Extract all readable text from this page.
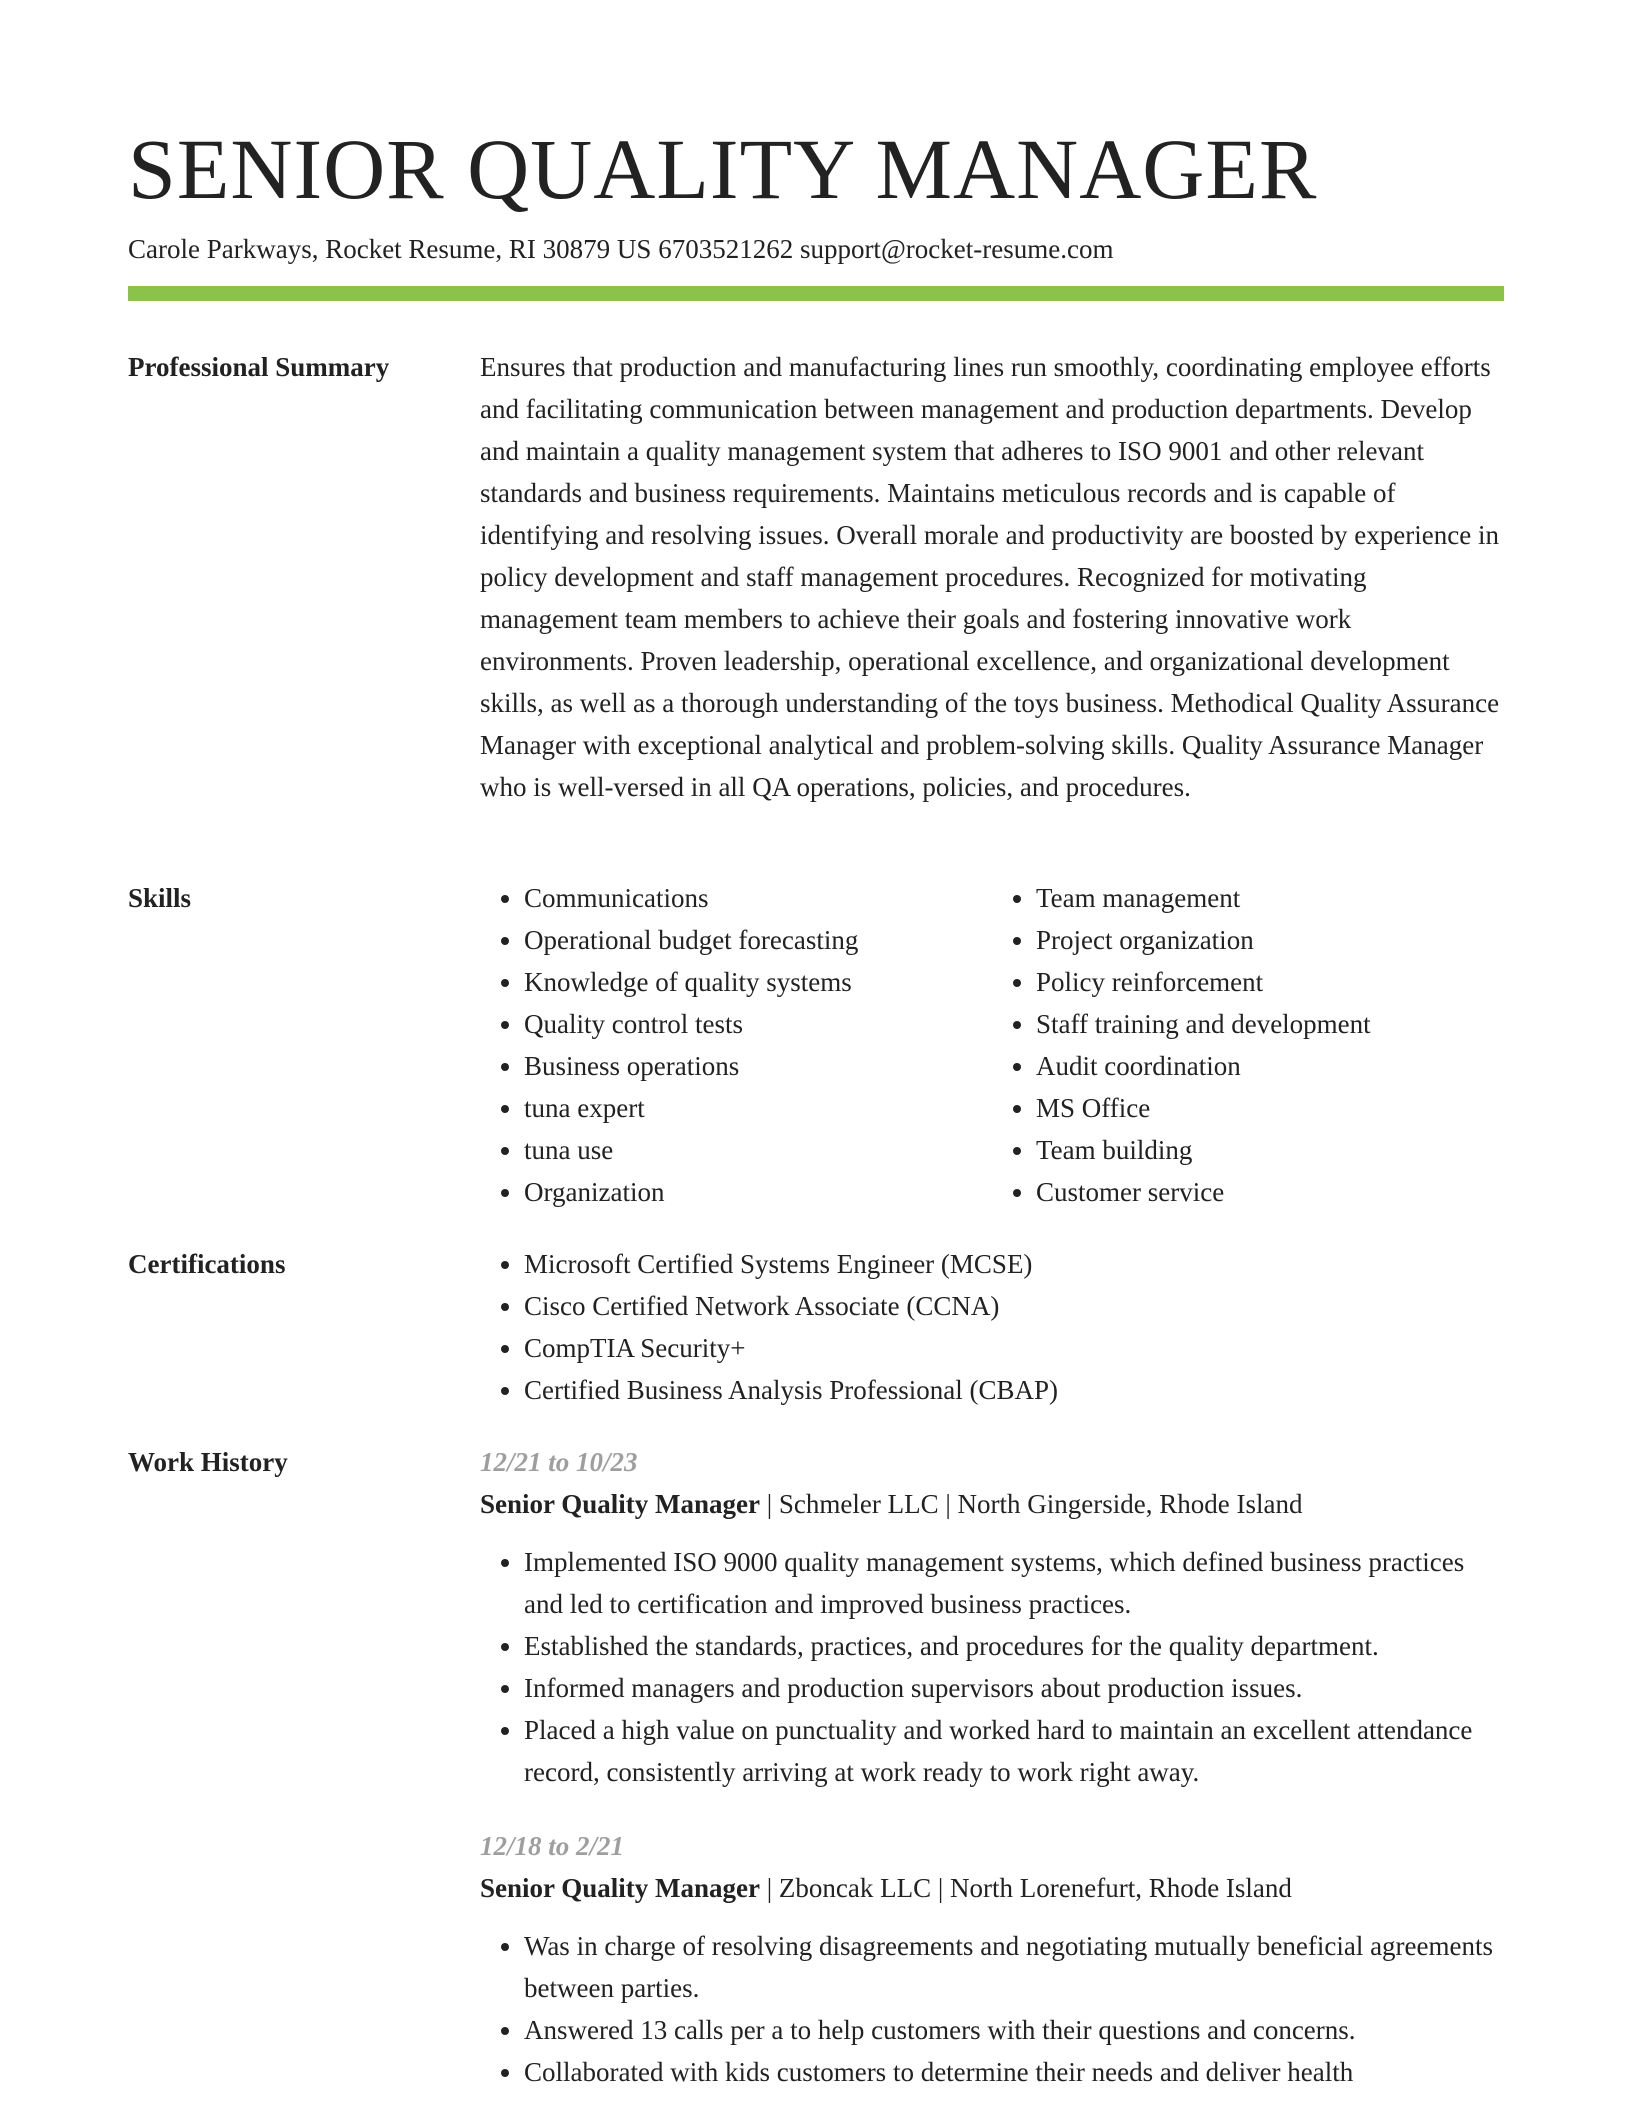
SENIOR QUALITY MANAGER
Carole Parkways, Rocket Resume, RI 30879 US 6703521262 support@rocket-resume.com
Professional Summary	Ensures that production and manufacturing lines run smoothly, coordinating employee efforts and facilitating communication between management and production departments. Develop and maintain a quality management system that adheres to ISO 9001 and other relevant standards and business requirements. Maintains meticulous records and is capable of identifying and resolving issues. Overall morale and productivity are boosted by experience in policy development and staff management procedures. Recognized for motivating management team members to achieve their goals and fostering innovative work environments. Proven leadership, operational excellence, and organizational development skills, as well as a thorough understanding of the toys business. Methodical Quality Assurance Manager with exceptional analytical and problem-solving skills. Quality Assurance Manager who is well-versed in all QA operations, policies, and procedures.

Skills	• Communications
• Operational budget forecasting
• Knowledge of quality systems
• Quality control tests
• Business operations
• tuna expert
• tuna use
• Organization
• Team management
• Project organization
• Policy reinforcement
• Staff training and development
• Audit coordination
• MS Office
• Team building
• Customer service
Certifications	• Microsoft Certified Systems Engineer (MCSE)
• Cisco Certified Network Associate (CCNA)
• CompTIA Security+
• Certified Business Analysis Professional (CBAP)
Work History	12/21 to 10/23
Senior Quality Manager | Schmeler LLC | North Gingerside, Rhode Island
• Implemented ISO 9000 quality management systems, which defined business practices and led to certification and improved business practices.
• Established the standards, practices, and procedures for the quality department.
• Informed managers and production supervisors about production issues.
• Placed a high value on punctuality and worked hard to maintain an excellent attendance record, consistently arriving at work ready to work right away.
12/18 to 2/21
Senior Quality Manager | Zboncak LLC | North Lorenefurt, Rhode Island
• Was in charge of resolving disagreements and negotiating mutually beneficial agreements between parties.
• Answered 13 calls per a to help customers with their questions and concerns.
• Collaborated with kids customers to determine their needs and deliver health
